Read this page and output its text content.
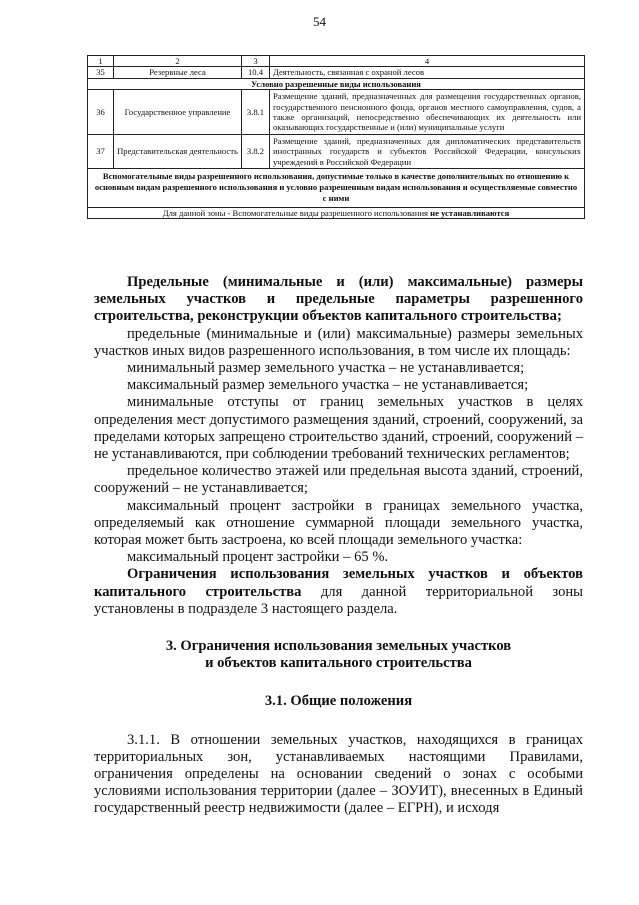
54
1	2	3	4
35	Резервные леса	10.4	Деятельность, связанная с охраной лесов
Условно разрешенные виды использования			
36	Государственное управление	3.8.1	Размещение зданий, предназначенных для размещения государственных органов, государственного пенсионного фонда, органов местного самоуправления, судов, а также организаций, непосредственно обеспечивающих их деятельность или оказывающих государственные и (или) муниципальные услуги
37	Представительская деятельность	3.8.2	Размещение зданий, предназначенных для дипломатических представительств иностранных государств и субъектов Российской Федерации, консульских учреждений в Российской Федерации
Вспомогательные виды разрешенного использования, допустимые только в качестве дополнительных по отношению к основным видам разрешенного использования и условно разрешенным видам использования и осуществляемые совместно с ними			
Для данной зоны - Вспомогательные виды разрешенного использования не устанавливаются			

Предельные (минимальные и (или) максимальные) размеры земельных участков и предельные параметры разрешенного строительства, реконструкции объектов капитального строительства;

предельные (минимальные и (или) максимальные) размеры земельных участков иных видов разрешенного использования, в том числе их площадь:

минимальный размер земельного участка – не устанавливается;

максимальный размер земельного участка – не устанавливается;

минимальные отступы от границ земельных участков в целях определения мест допустимого размещения зданий, строений, сооружений, за пределами которых запрещено строительство зданий, строений, сооружений – не устанавливаются, при соблюдении требований технических регламентов;

предельное количество этажей или предельная высота зданий, строений, сооружений – не устанавливается;

максимальный процент застройки в границах земельного участка, определяемый как отношение суммарной площади земельного участка, которая может быть застроена, ко всей площади земельного участка:

максимальный процент застройки – 65 %.

Ограничения использования земельных участков и объектов капитального строительства для данной территориальной зоны установлены в подразделе 3 настоящего раздела.

3. Ограничения использования земельных участков

и объектов капитального строительства

3.1. Общие положения

3.1.1. В отношении земельных участков, находящихся в границах территориальных зон, устанавливаемых настоящими Правилами, ограничения определены на основании сведений о зонах с особыми условиями использования территории (далее – ЗОУИТ), внесенных в Единый государственный реестр недвижимости (далее – ЕГРН), и исходя
